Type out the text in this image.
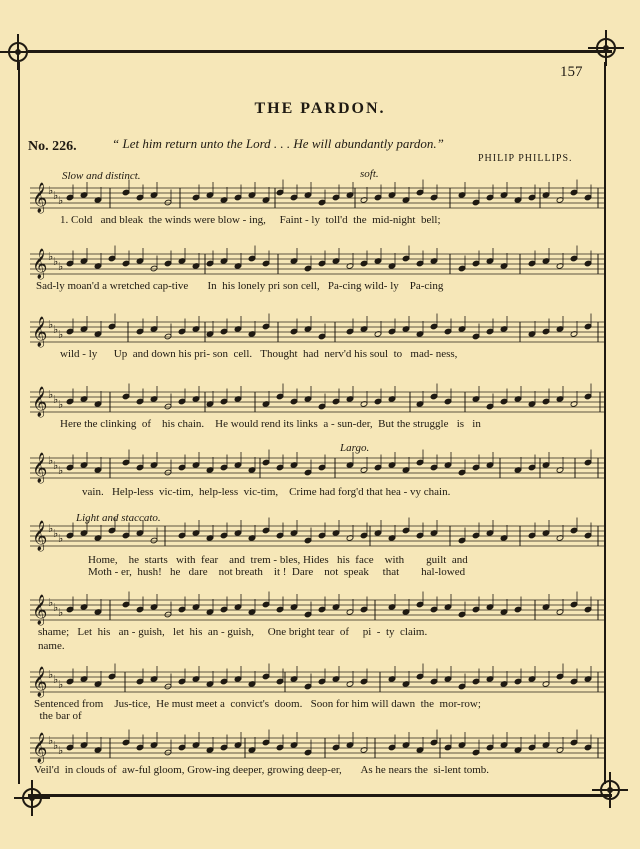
157
THE PARDON.
No. 226.	“ Let him return unto the Lord . . . He will abundantly pardon.”
PHILIP PHILLIPS.
𝄞 ♭ ♭ ♭
Slow and distinct.	soft.
1. Cold   and bleak  the winds were blow - ing,     Faint - ly  toll'd  the  mid-night  bell;
𝄞 ♭ ♭ ♭
Sad-ly moan'd a wretched cap-tive       In  his lonely pri son cell,   Pa-cing wild- ly    Pa-cing
𝄞 ♭ ♭ ♭
wild - ly      Up  and down his pri- son  cell.   Thought  had  nerv'd his soul  to   mad- ness,
𝄞 ♭ ♭ ♭
Here the clinking  of    his chain.    He would rend its links  a - sun-der,  But the struggle   is   in
𝄞 ♭ ♭ ♭
Largo.
vain.   Help-less  vic-tim,  help-less  vic-tim,    Crime had forg'd that hea - vy chain.
𝄞 ♭ ♭ ♭
Light and staccato.
Home,    he  starts   with  fear    and  trem - bles, Hides   his  face    with        guilt  and
Moth - er,  hush!   he   dare    not breath    it !  Dare    not  speak     that        hal-lowed
𝄞 ♭ ♭ ♭
shame;   Let  his   an - guish,   let  his  an - guish,     One bright tear  of     pi  -  ty  claim.
name.
𝄞 ♭ ♭ ♭
Sentenced from    Jus-tice,  He must meet a  convict's  doom.   Soon for him will dawn  the  mor-row;
the bar of
𝄞 ♭ ♭ ♭
Veil'd  in clouds of  aw-ful gloom, Grow-ing deeper, growing deep-er,       As he nears the  si-lent tomb.
